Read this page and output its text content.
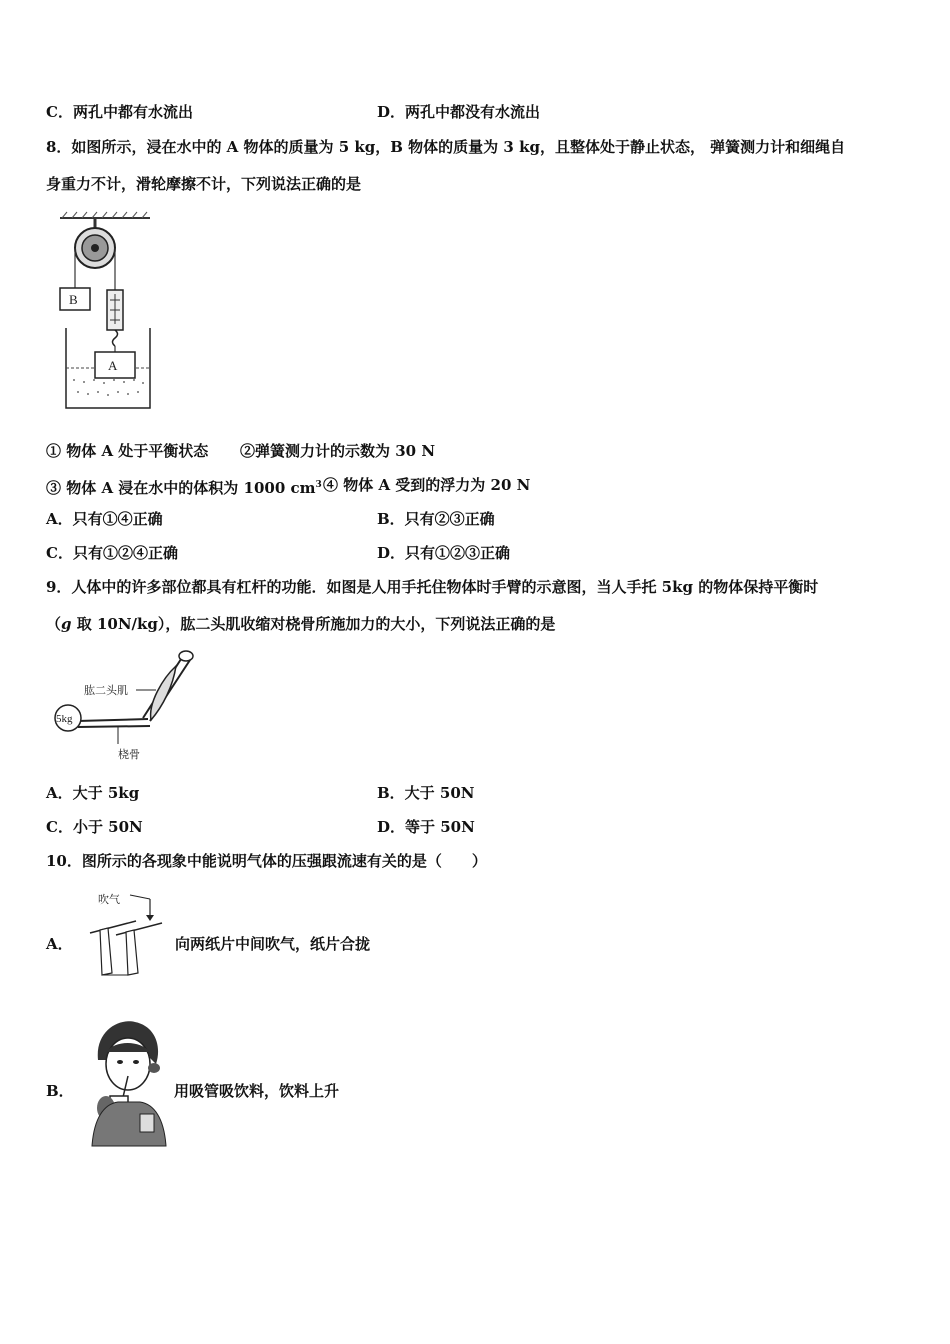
C．两孔中都有水流出	D．两孔中都没有水流出
8．如图所示，浸在水中的 A 物体的质量为 5 kg，B 物体的质量为 3 kg，且整体处于静止状态， 弹簧测力计和细绳自
身重力不计，滑轮摩擦不计，下列说法正确的是
B
A
① 物体 A 处于平衡状态 ②弹簧测力计的示数为 30 N
③ 物体 A 浸在水中的体积为 1000 $cm^3$ ④ 物体 A 受到的浮力为 20 N
A．只有①④正确	B．只有②③正确
C．只有①②④正确	D．只有①②③正确
9．人体中的许多部位都具有杠杆的功能．如图是人用手托住物体时手臂的示意图，当人手托 5kg 的物体保持平衡时
（g 取 10N/kg），肱二头肌收缩对桡骨所施加力的大小，下列说法正确的是
肱二头肌
5kg
桡骨
A．大于 5kg	B．大于 50N
C．小于 50N	D．等于 50N
10．图所示的各现象中能说明气体的压强跟流速有关的是（　　）
A．
吹气
向两纸片中间吹气，纸片合拢
B．	用吸管吸饮料，饮料上升
